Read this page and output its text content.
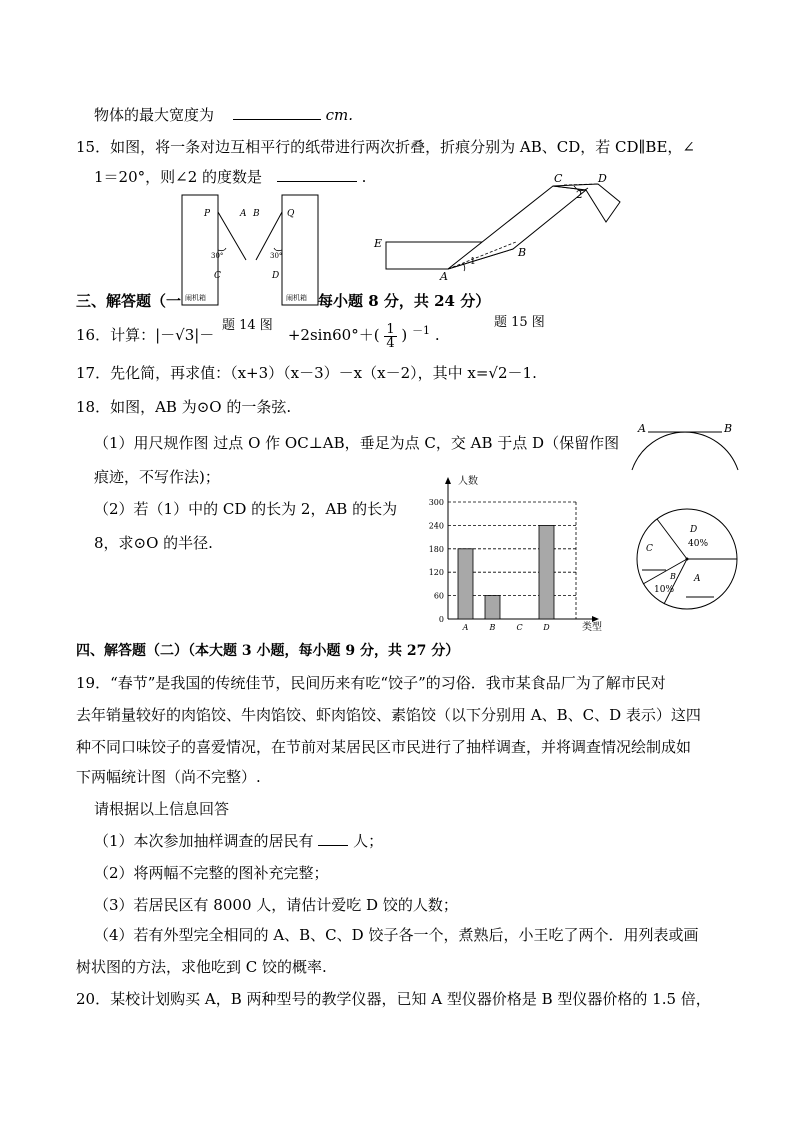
物体的最大宽度为	cm.
15．如图，将一条对边互相平行的纸带进行两次折叠，折痕分别为 AB、CD，若 CD∥BE，∠
1＝20°，则∠2 的度数是	.
P	A B	Q
30°	30°
C	D
闹机箱	闹机箱
题 14 图
C	D
2
E
B
1
A
三、解答题（一	每小题 8 分，共 24 分）
题 15 图
16．计算：|－√3|－	$+2\sin 60^\circ+( \frac{1}{4}$ ) $^{-1}$ .
17．先化简，再求值：（x+3）（x－3）－x（x－2），其中 x=√2－1.
18．如图，AB 为⊙O 的一条弦.
（1）用尺规作图 过点 O 作 OC⊥AB，垂足为点 C，交 AB 于点 D（保留作图
痕迹，不写作法)；
（2）若（1）中的 CD 的长为 2，AB 的长为
8，求⊙O 的半径.
A	B
人数
类型
0
60
120
180
240
300
A	B	C	D
D
40%
C
B
10%
A
四、解答题（二）（本大题 3 小题，每小题 9 分，共 27 分）
19．“春节”是我国的传统佳节，民间历来有吃“饺子”的习俗．我市某食品厂为了解市民对
去年销量较好的肉馅饺、牛肉馅饺、虾肉馅饺、素馅饺（以下分别用 A、B、C、D 表示）这四
种不同口味饺子的喜爱情况，在节前对某居民区市民进行了抽样调查，并将调查情况绘制成如
下两幅统计图（尚不完整）.
请根据以上信息回答
（1）本次参加抽样调查的居民有	人；
（2）将两幅不完整的图补充完整；
（3）若居民区有 8000 人，请估计爱吃 D 饺的人数；
（4）若有外型完全相同的 A、B、C、D 饺子各一个，煮熟后，小王吃了两个．用列表或画
树状图的方法，求他吃到 C 饺的概率.
20．某校计划购买 A，B 两种型号的教学仪器，已知 A 型仪器价格是 B 型仪器价格的 1.5 倍，
